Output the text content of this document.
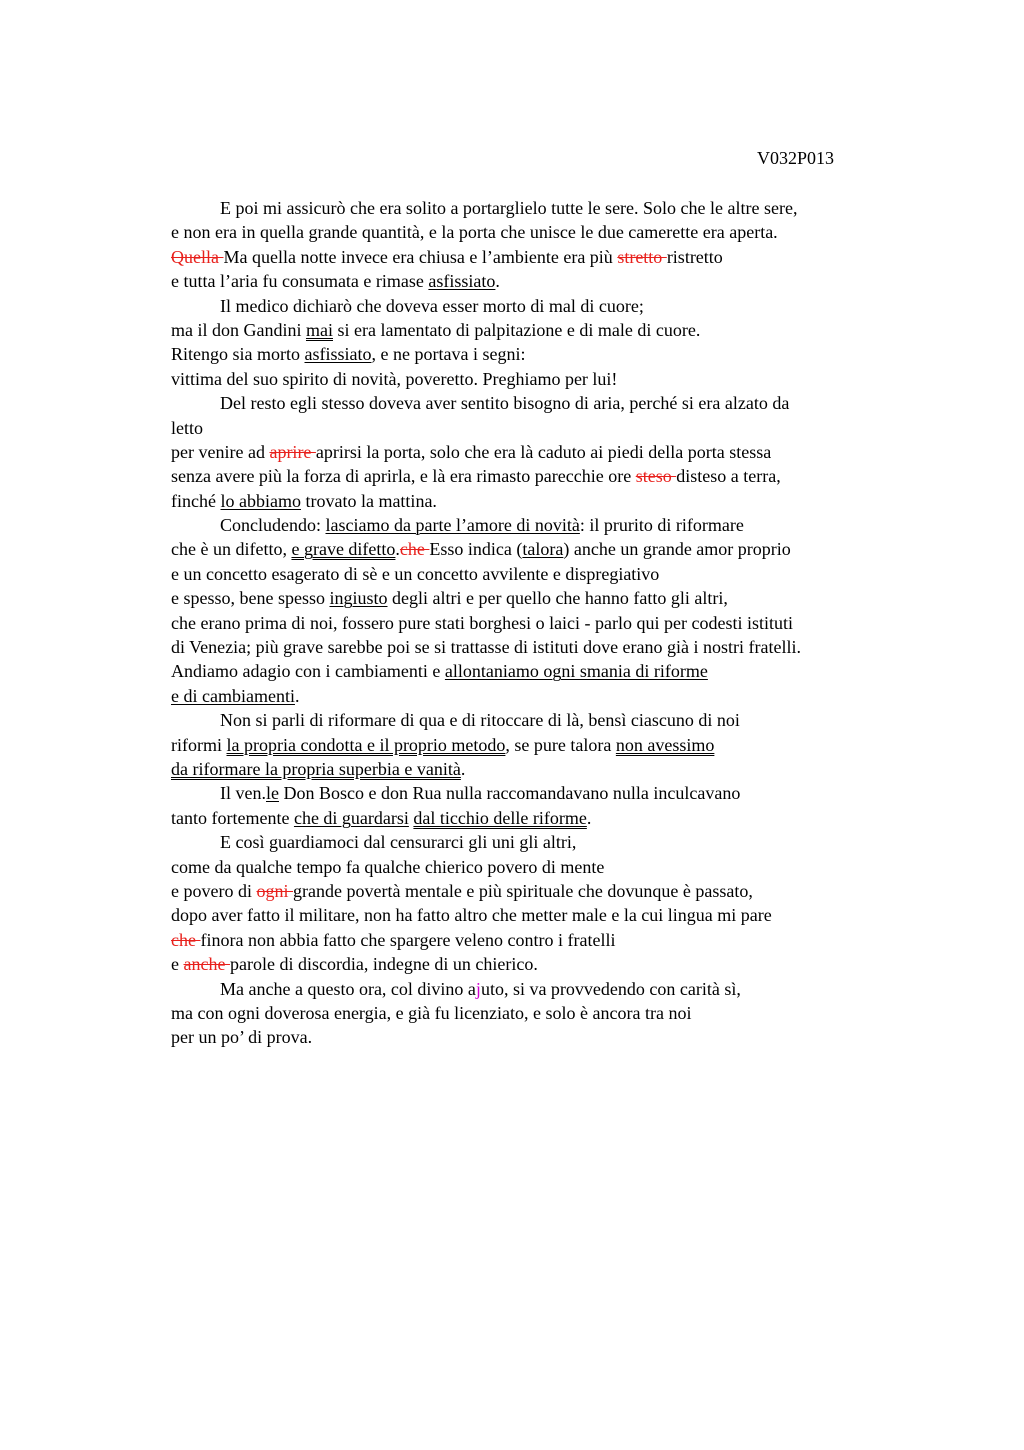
V032P013
E poi mi assicurò che era solito a portarglielo tutte le sere. Solo che le altre sere,
e non era in quella grande quantità, e la porta che unisce le due camerette era aperta.
Quella Ma quella notte invece era chiusa e l’ambiente era più stretto ristretto
e tutta l’aria fu consumata e rimase asfissiato.
Il medico dichiarò che doveva esser morto di mal di cuore;
ma il don Gandini mai si era lamentato di palpitazione e di male di cuore.
Ritengo sia morto asfissiato, e ne portava i segni:
vittima del suo spirito di novità, poveretto. Preghiamo per lui!
Del resto egli stesso doveva aver sentito bisogno di aria, perché si era alzato da
letto
per venire ad aprire aprirsi la porta, solo che era là caduto ai piedi della porta stessa
senza avere più la forza di aprirla, e là era rimasto parecchie ore steso disteso a terra,
finché lo abbiamo trovato la mattina.
Concludendo: lasciamo da parte l’amore di novità: il prurito di riformare
che è un difetto, e grave difetto.che Esso indica (talora) anche un grande amor proprio
e un concetto esagerato di sè e un concetto avvilente e dispregiativo
e spesso, bene spesso ingiusto degli altri e per quello che hanno fatto gli altri,
che erano prima di noi, fossero pure stati borghesi o laici - parlo qui per codesti istituti
di Venezia; più grave sarebbe poi se si trattasse di istituti dove erano già i nostri fratelli.
Andiamo adagio con i cambiamenti e allontaniamo ogni smania di riforme
e di cambiamenti.
Non si parli di riformare di qua e di ritoccare di là, bensì ciascuno di noi
riformi la propria condotta e il proprio metodo, se pure talora non avessimo
da riformare la propria superbia e vanità.
Il ven.le Don Bosco e don Rua nulla raccomandavano nulla inculcavano
tanto fortemente che di guardarsi dal ticchio delle riforme.
E così guardiamoci dal censurarci gli uni gli altri,
come da qualche tempo fa qualche chierico povero di mente
e povero di ogni grande povertà mentale e più spirituale che dovunque è passato,
dopo aver fatto il militare, non ha fatto altro che metter male e la cui lingua mi pare
che finora non abbia fatto che spargere veleno contro i fratelli
e anche parole di discordia, indegne di un chierico.
Ma anche a questo ora, col divino ajuto, si va provvedendo con carità sì,
ma con ogni doverosa energia, e già fu licenziato, e solo è ancora tra noi
per un po’ di prova.
